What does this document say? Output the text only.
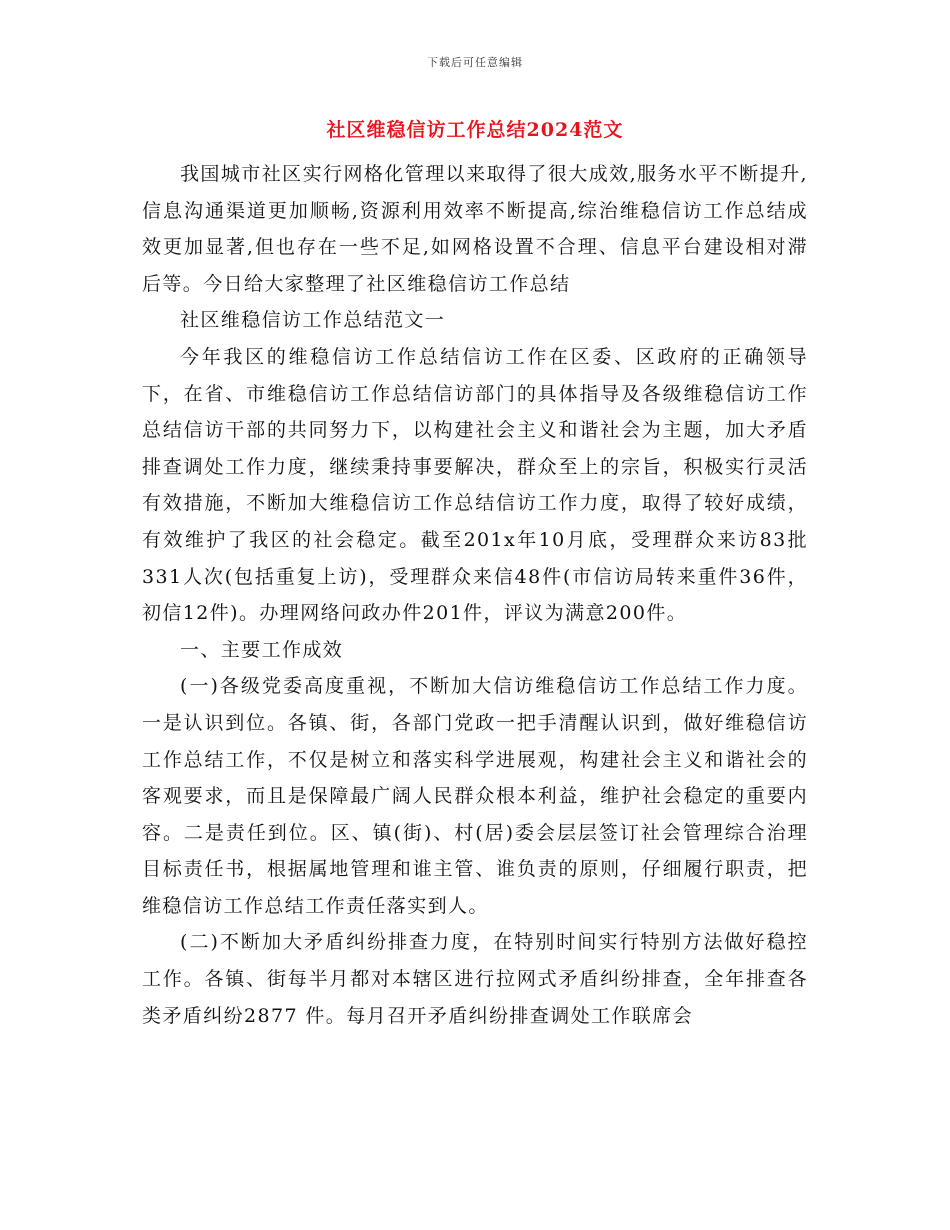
下载后可任意编辑
社区维稳信访工作总结2024范文

我国城市社区实行网格化管理以来取得了很大成效,服务水平不断提升,信息沟通渠道更加顺畅,资源利用效率不断提高,综治维稳信访工作总结成效更加显著,但也存在一些不足,如网格设置不合理、信息平台建设相对滞后等。今日给大家整理了社区维稳信访工作总结

社区维稳信访工作总结范文一

今年我区的维稳信访工作总结信访工作在区委、区政府的正确领导下，在省、市维稳信访工作总结信访部门的具体指导及各级维稳信访工作总结信访干部的共同努力下，以构建社会主义和谐社会为主题，加大矛盾排查调处工作力度，继续秉持事要解决，群众至上的宗旨，积极实行灵活有效措施，不断加大维稳信访工作总结信访工作力度，取得了较好成绩，有效维护了我区的社会稳定。截至201x年10月底，受理群众来访83批331人次(包括重复上访)，受理群众来信48件(市信访局转来重件36件，初信12件)。办理网络问政办件201件，评议为满意200件。

一、主要工作成效

(一)各级党委高度重视，不断加大信访维稳信访工作总结工作力度。一是认识到位。各镇、街，各部门党政一把手清醒认识到，做好维稳信访工作总结工作，不仅是树立和落实科学进展观，构建社会主义和谐社会的客观要求，而且是保障最广阔人民群众根本利益，维护社会稳定的重要内容。二是责任到位。区、镇(街)、村(居)委会层层签订社会管理综合治理目标责任书，根据属地管理和谁主管、谁负责的原则，仔细履行职责，把维稳信访工作总结工作责任落实到人。

(二)不断加大矛盾纠纷排查力度，在特别时间实行特别方法做好稳控工作。各镇、街每半月都对本辖区进行拉网式矛盾纠纷排查，全年排查各类矛盾纠纷2877 件。每月召开矛盾纠纷排查调处工作联席会
